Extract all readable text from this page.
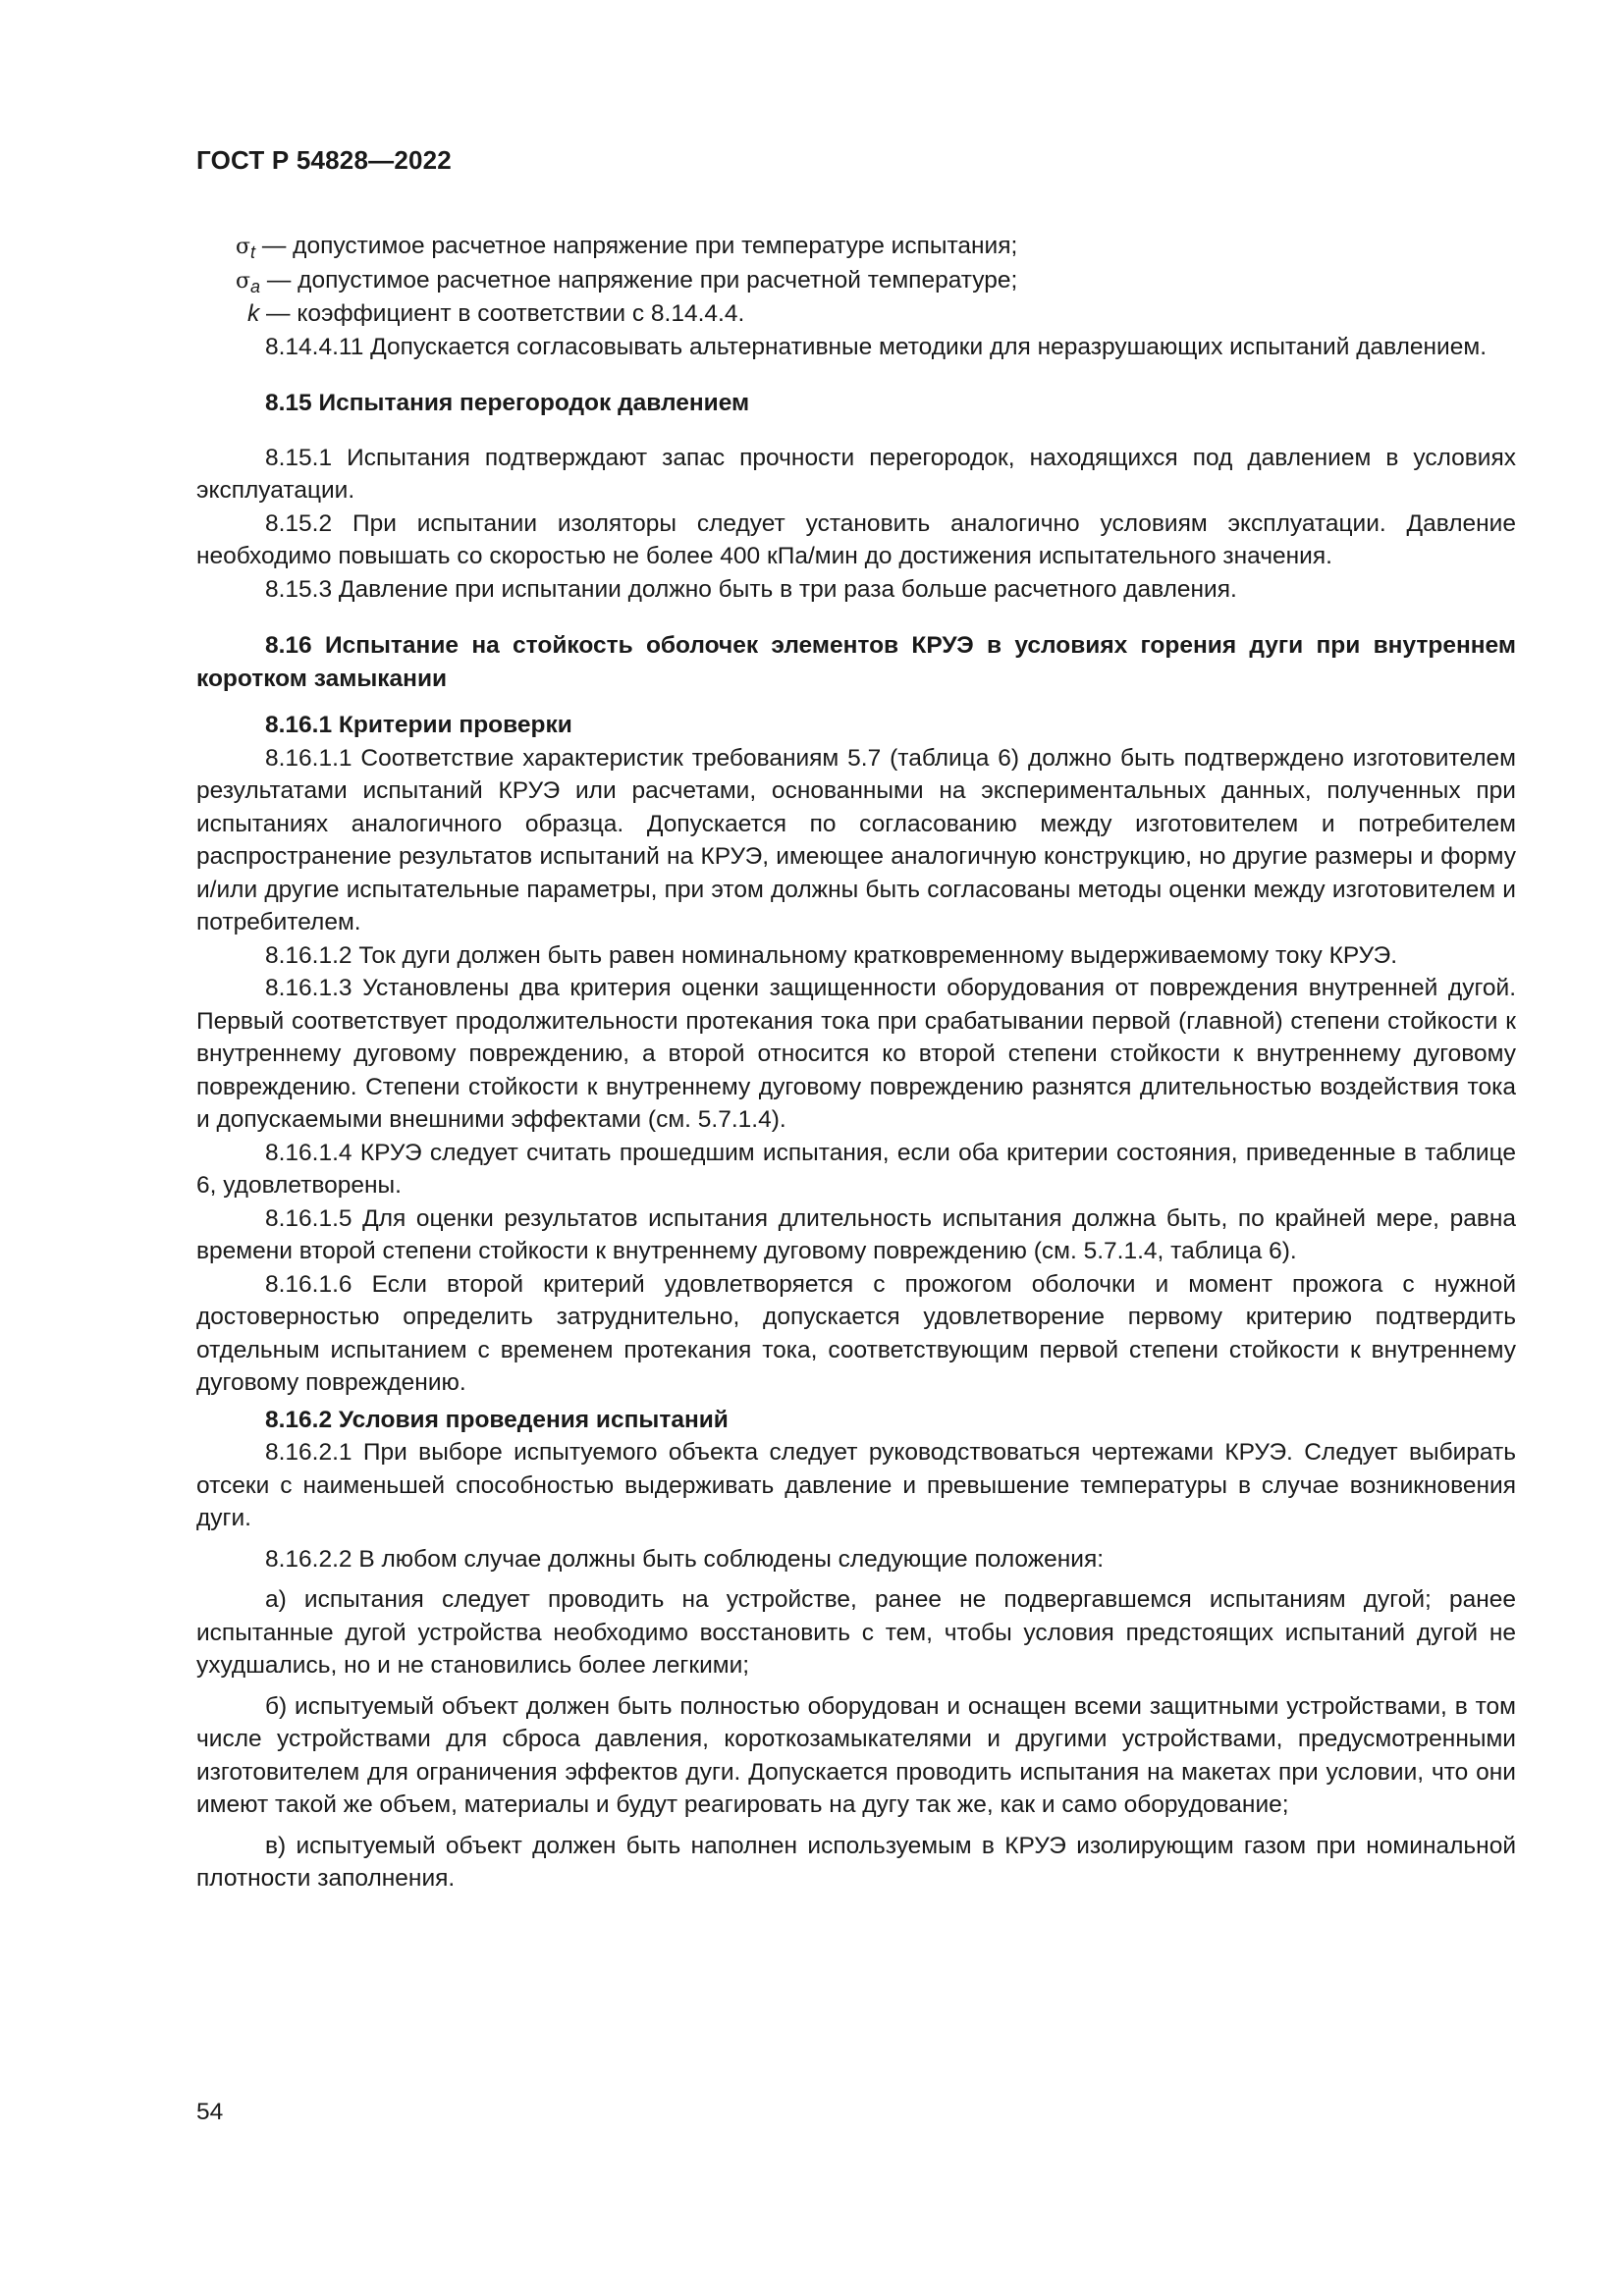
ГОСТ Р 54828—2022

$\sigma_t$ — допустимое расчетное напряжение при температуре испытания;

$\sigma_a$ — допустимое расчетное напряжение при расчетной температуре;

k — коэффициент в соответствии с 8.14.4.4.

8.14.4.11 Допускается согласовывать альтернативные методики для неразрушающих испытаний давлением.

8.15 Испытания перегородок давлением

8.15.1 Испытания подтверждают запас прочности перегородок, находящихся под давлением в условиях эксплуатации.

8.15.2 При испытании изоляторы следует установить аналогично условиям эксплуатации. Давление необходимо повышать со скоростью не более 400 кПа/мин до достижения испытательного значения.

8.15.3 Давление при испытании должно быть в три раза больше расчетного давления.

8.16 Испытание на стойкость оболочек элементов КРУЭ в условиях горения дуги при внутреннем коротком замыкании

8.16.1 Критерии проверки

8.16.1.1 Соответствие характеристик требованиям 5.7 (таблица 6) должно быть подтверждено изготовителем результатами испытаний КРУЭ или расчетами, основанными на экспериментальных данных, полученных при испытаниях аналогичного образца. Допускается по согласованию между изготовителем и потребителем распространение результатов испытаний на КРУЭ, имеющее аналогичную конструкцию, но другие размеры и форму и/или другие испытательные параметры, при этом должны быть согласованы методы оценки между изготовителем и потребителем.

8.16.1.2 Ток дуги должен быть равен номинальному кратковременному выдерживаемому току КРУЭ.

8.16.1.3 Установлены два критерия оценки защищенности оборудования от повреждения внутренней дугой. Первый соответствует продолжительности протекания тока при срабатывании первой (главной) степени стойкости к внутреннему дуговому повреждению, а второй относится ко второй степени стойкости к внутреннему дуговому повреждению. Степени стойкости к внутреннему дуговому повреждению разнятся длительностью воздействия тока и допускаемыми внешними эффектами (см. 5.7.1.4).

8.16.1.4 КРУЭ следует считать прошедшим испытания, если оба критерии состояния, приведенные в таблице 6, удовлетворены.

8.16.1.5 Для оценки результатов испытания длительность испытания должна быть, по крайней мере, равна времени второй степени стойкости к внутреннему дуговому повреждению (см. 5.7.1.4, таблица 6).

8.16.1.6 Если второй критерий удовлетворяется с прожогом оболочки и момент прожога с нужной достоверностью определить затруднительно, допускается удовлетворение первому критерию подтвердить отдельным испытанием с временем протекания тока, соответствующим первой степени стойкости к внутреннему дуговому повреждению.

8.16.2 Условия проведения испытаний

8.16.2.1 При выборе испытуемого объекта следует руководствоваться чертежами КРУЭ. Следует выбирать отсеки с наименьшей способностью выдерживать давление и превышение температуры в случае возникновения дуги.

8.16.2.2 В любом случае должны быть соблюдены следующие положения:

а) испытания следует проводить на устройстве, ранее не подвергавшемся испытаниям дугой; ранее испытанные дугой устройства необходимо восстановить с тем, чтобы условия предстоящих испытаний дугой не ухудшались, но и не становились более легкими;

б) испытуемый объект должен быть полностью оборудован и оснащен всеми защитными устройствами, в том числе устройствами для сброса давления, короткозамыкателями и другими устройствами, предусмотренными изготовителем для ограничения эффектов дуги. Допускается проводить испытания на макетах при условии, что они имеют такой же объем, материалы и будут реагировать на дугу так же, как и само оборудование;

в) испытуемый объект должен быть наполнен используемым в КРУЭ изолирующим газом при номинальной плотности заполнения.

54
